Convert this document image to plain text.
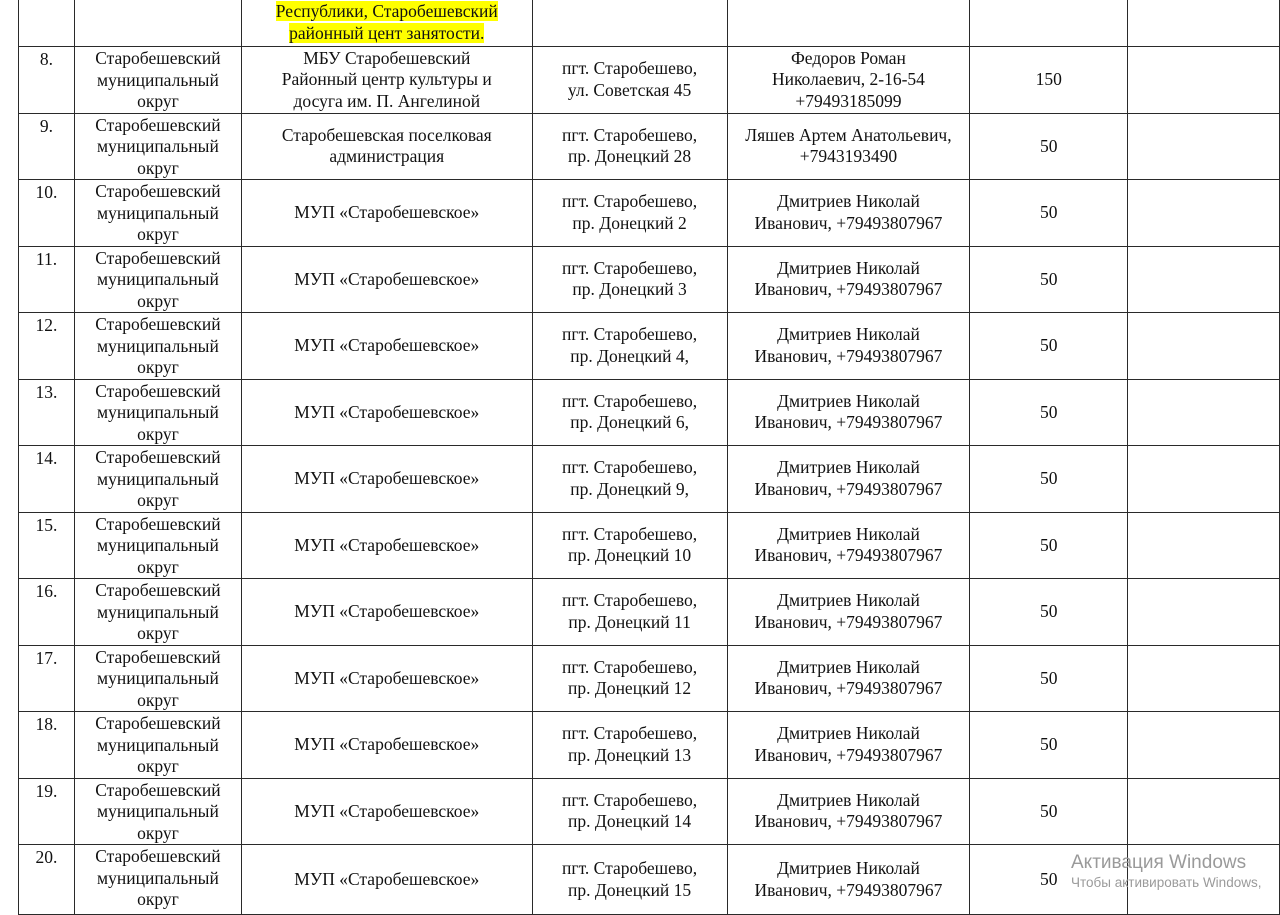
		Республики, Старобешевский
районный цент занятости.				
8.	Старобешевский
муниципальный
округ	МБУ Старобешевский
Районный центр культуры и
досуга им. П. Ангелиной	пгт. Старобешево,
ул. Советская 45	Федоров Роман
Николаевич, 2-16-54
+79493185099	150	
9.	Старобешевский
муниципальный
округ	Старобешевская поселковая
администрация	пгт. Старобешево,
пр. Донецкий 28	Ляшев Артем Анатольевич,
+7943193490	50	
10.	Старобешевский
муниципальный
округ	МУП «Старобешевское»	пгт. Старобешево,
пр. Донецкий 2	Дмитриев Николай
Иванович, +79493807967	50	
11.	Старобешевский
муниципальный
округ	МУП «Старобешевское»	пгт. Старобешево,
пр. Донецкий 3	Дмитриев Николай
Иванович, +79493807967	50	
12.	Старобешевский
муниципальный
округ	МУП «Старобешевское»	пгт. Старобешево,
пр. Донецкий 4,	Дмитриев Николай
Иванович, +79493807967	50	
13.	Старобешевский
муниципальный
округ	МУП «Старобешевское»	пгт. Старобешево,
пр. Донецкий 6,	Дмитриев Николай
Иванович, +79493807967	50	
14.	Старобешевский
муниципальный
округ	МУП «Старобешевское»	пгт. Старобешево,
пр. Донецкий 9,	Дмитриев Николай
Иванович, +79493807967	50	
15.	Старобешевский
муниципальный
округ	МУП «Старобешевское»	пгт. Старобешево,
пр. Донецкий 10	Дмитриев Николай
Иванович, +79493807967	50	
16.	Старобешевский
муниципальный
округ	МУП «Старобешевское»	пгт. Старобешево,
пр. Донецкий 11	Дмитриев Николай
Иванович, +79493807967	50	
17.	Старобешевский
муниципальный
округ	МУП «Старобешевское»	пгт. Старобешево,
пр. Донецкий 12	Дмитриев Николай
Иванович, +79493807967	50	
18.	Старобешевский
муниципальный
округ	МУП «Старобешевское»	пгт. Старобешево,
пр. Донецкий 13	Дмитриев Николай
Иванович, +79493807967	50	
19.	Старобешевский
муниципальный
округ	МУП «Старобешевское»	пгт. Старобешево,
пр. Донецкий 14	Дмитриев Николай
Иванович, +79493807967	50	
20.	Старобешевский
муниципальный
округ	МУП «Старобешевское»	пгт. Старобешево,
пр. Донецкий 15	Дмитриев Николай
Иванович, +79493807967	50	
Активация Windows
Чтобы активировать Windows,
